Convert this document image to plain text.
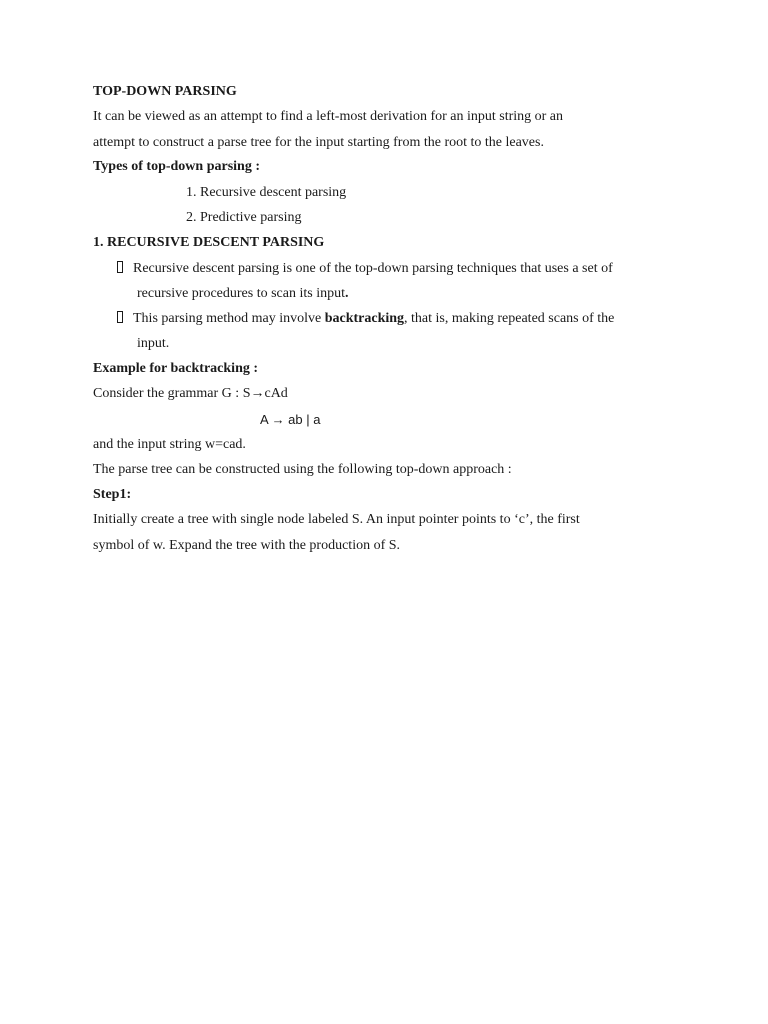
TOP-DOWN PARSING
It can be viewed as an attempt to find a left-most derivation for an input string or an
attempt to construct a parse tree for the input starting from the root to the leaves.
Types of top-down parsing :
1. Recursive descent parsing
2. Predictive parsing
1. RECURSIVE DESCENT PARSING
Recursive descent parsing is one of the top-down parsing techniques that uses a set of
recursive procedures to scan its input.
This parsing method may involve backtracking, that is, making repeated scans of the
input.
Example for backtracking :
Consider the grammar G : S→cAd
A → ab | a
and the input string w=cad.
The parse tree can be constructed using the following top-down approach :
Step1:
Initially create a tree with single node labeled S. An input pointer points to ‘c’, the first
symbol of w. Expand the tree with the production of S.
